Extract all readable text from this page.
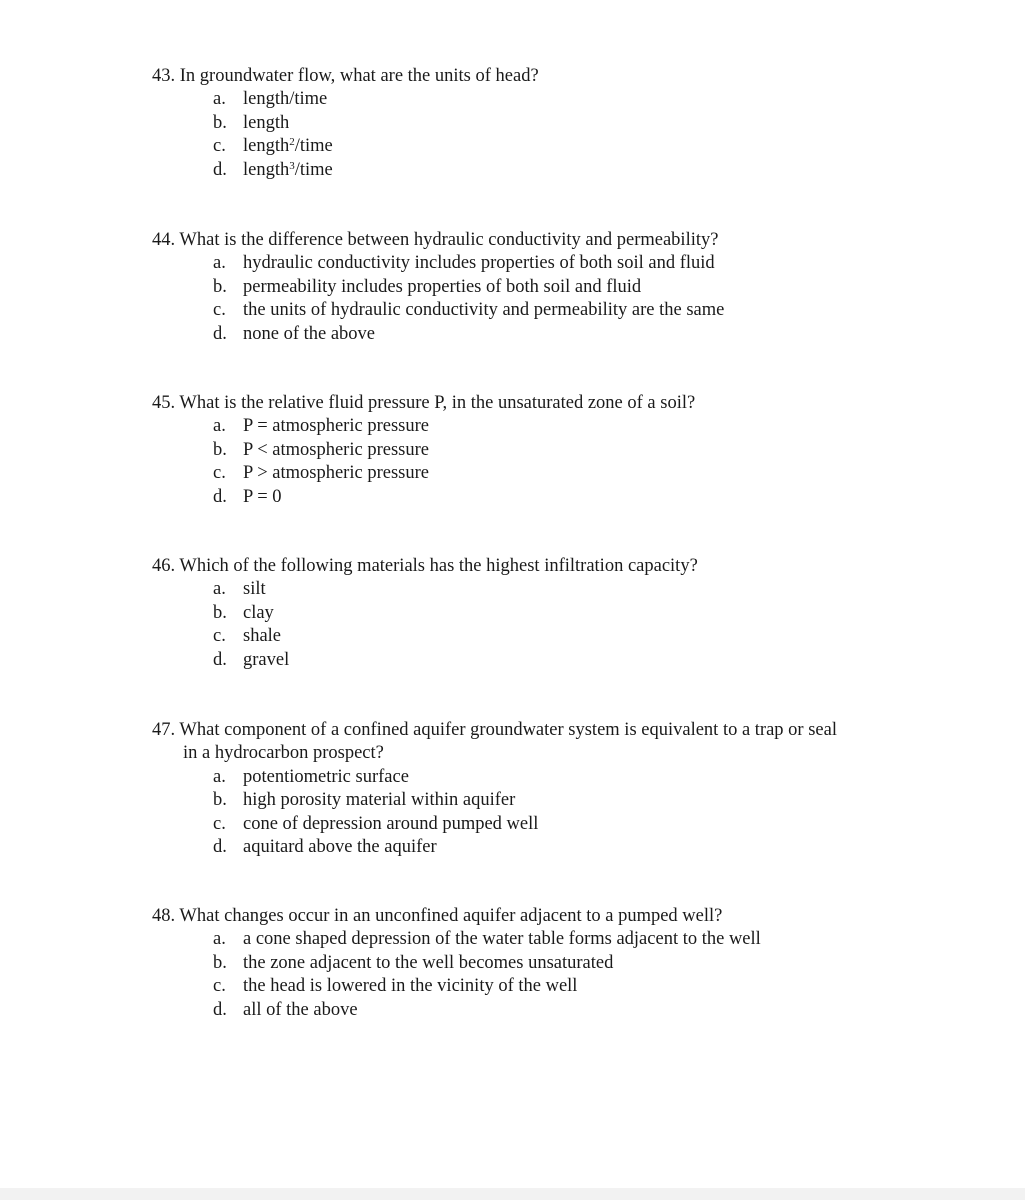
43. In groundwater flow, what are the units of head?
a. length/time
b. length
c. length$^2$/time
d. length$^3$/time
44. What is the difference between hydraulic conductivity and permeability?
a. hydraulic conductivity includes properties of both soil and fluid
b. permeability includes properties of both soil and fluid
c. the units of hydraulic conductivity and permeability are the same
d. none of the above
45. What is the relative fluid pressure P, in the unsaturated zone of a soil?
a. P = atmospheric pressure
b. P < atmospheric pressure
c. P > atmospheric pressure
d. P = 0
46. Which of the following materials has the highest infiltration capacity?
a. silt
b. clay
c. shale
d. gravel
47. What component of a confined aquifer groundwater system is equivalent to a trap or seal
in a hydrocarbon prospect?
a. potentiometric surface
b. high porosity material within aquifer
c. cone of depression around pumped well
d. aquitard above the aquifer
48. What changes occur in an unconfined aquifer adjacent to a pumped well?
a. a cone shaped depression of the water table forms adjacent to the well
b. the zone adjacent to the well becomes unsaturated
c. the head is lowered in the vicinity of the well
d. all of the above
